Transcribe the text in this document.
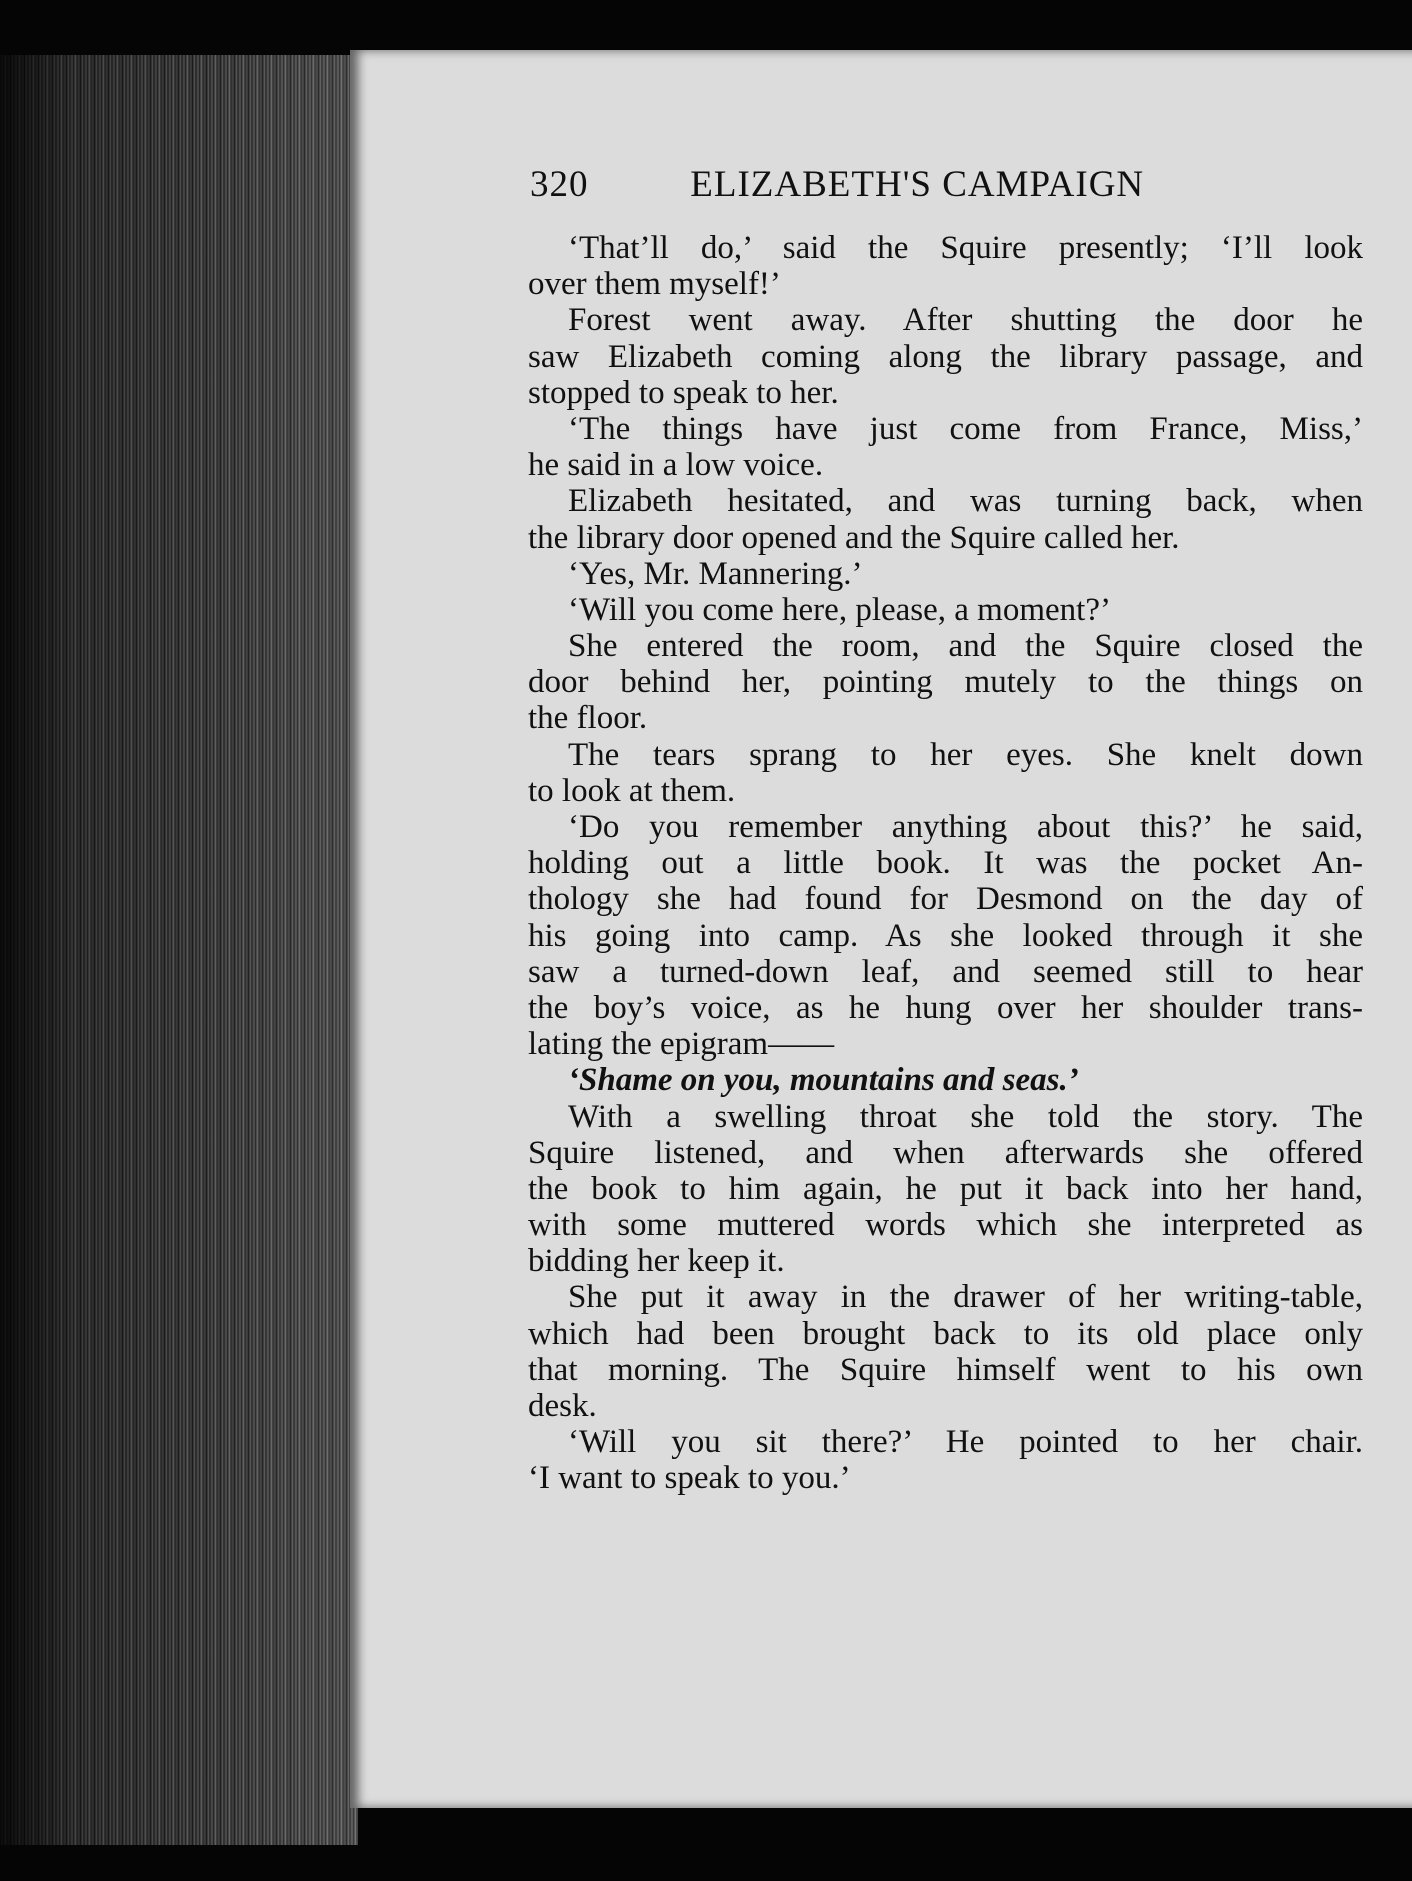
320	ELIZABETH'S CAMPAIGN
‘That’ll do,’ said the Squire presently; ‘I’ll look
over them myself!’
Forest went away. After shutting the door he
saw Elizabeth coming along the library passage, and
stopped to speak to her.
‘The things have just come from France, Miss,’
he said in a low voice.
Elizabeth hesitated, and was turning back, when
the library door opened and the Squire called her.
‘Yes, Mr. Mannering.’
‘Will you come here, please, a moment?’
She entered the room, and the Squire closed the
door behind her, pointing mutely to the things on
the floor.
The tears sprang to her eyes. She knelt down
to look at them.
‘Do you remember anything about this?’ he said,
holding out a little book. It was the pocket An-
thology she had found for Desmond on the day of
his going into camp. As she looked through it she
saw a turned-down leaf, and seemed still to hear
the boy’s voice, as he hung over her shoulder trans-
lating the epigram——
‘Shame on you, mountains and seas.’
With a swelling throat she told the story. The
Squire listened, and when afterwards she offered
the book to him again, he put it back into her hand,
with some muttered words which she interpreted as
bidding her keep it.
She put it away in the drawer of her writing-table,
which had been brought back to its old place only
that morning. The Squire himself went to his own
desk.
‘Will you sit there?’ He pointed to her chair.
‘I want to speak to you.’
